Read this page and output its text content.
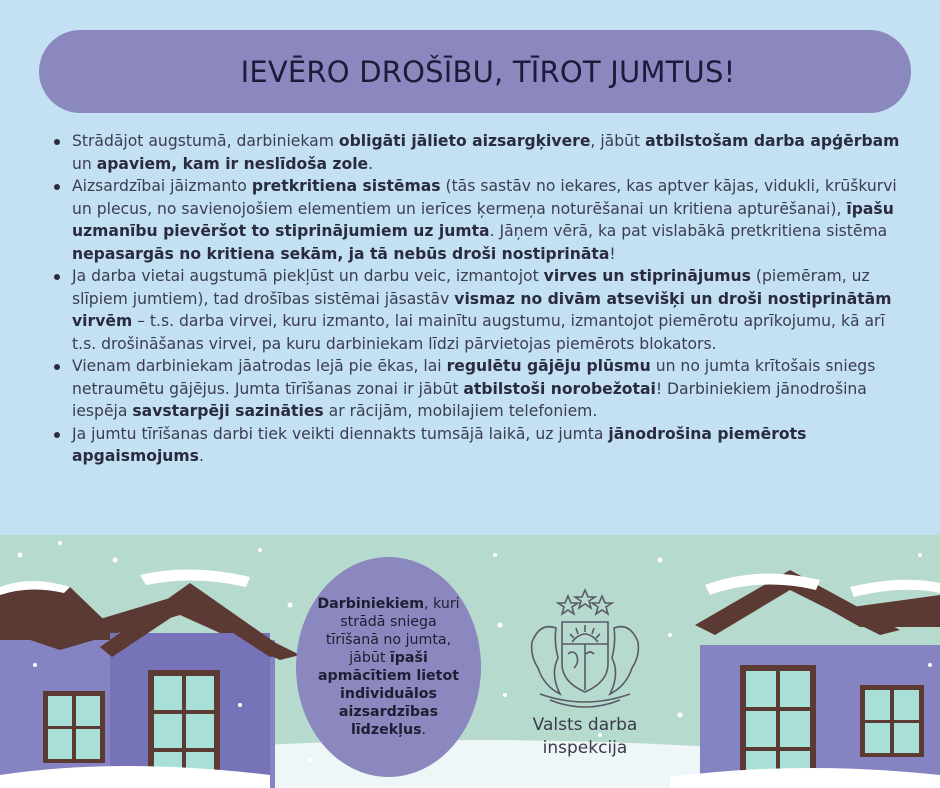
IEVĒRO DROŠĪBU, TĪROT JUMTUS!
Strādājot augstumā, darbiniekam obligāti jālieto aizsargķivere, jābūt atbilstošam darba apģērbam un apaviem, kam ir neslīdoša zole.
Aizsardzībai jāizmanto pretkritiena sistēmas (tās sastāv no iekares, kas aptver kājas, vidukli, krūškurvi un plecus, no savienojošiem elementiem un ierīces ķermeņa noturēšanai un kritiena apturēšanai), īpašu uzmanību pievēršot to stiprinājumiem uz jumta. Jāņem vērā, ka pat vislabākā pretkritiena sistēma nepasargās no kritiena sekām, ja tā nebūs droši nostiprināta!
Ja darba vietai augstumā piekļūst un darbu veic, izmantojot virves un stiprinājumus (piemēram, uz slīpiem jumtiem), tad drošības sistēmai jāsastāv vismaz no divām atsevišķi un droši nostiprinātām virvēm – t.s. darba virvei, kuru izmanto, lai mainītu augstumu, izmantojot piemērotu aprīkojumu, kā arī t.s. drošināšanas virvei, pa kuru darbiniekam līdzi pārvietojas piemērots blokators.
Vienam darbiniekam jāatrodas lejā pie ēkas, lai regulētu gājēju plūsmu un no jumta krītošais sniegs netraumētu gājējus. Jumta tīrīšanas zonai ir jābūt atbilstoši norobežotai! Darbiniekiem jānodrošina iespēja savstarpēji sazināties ar rācijām, mobilajiem telefoniem.
Ja jumtu tīrīšanas darbi tiek veikti diennakts tumsājā laikā, uz jumta jānodrošina piemērots apgaismojums.

Darbiniekiem, kuri strādā sniega tīrīšanā no jumta, jābūt īpaši apmācītiem lietot individuālos aizsardzības līdzekļus.	Valsts darba
inspekcija
